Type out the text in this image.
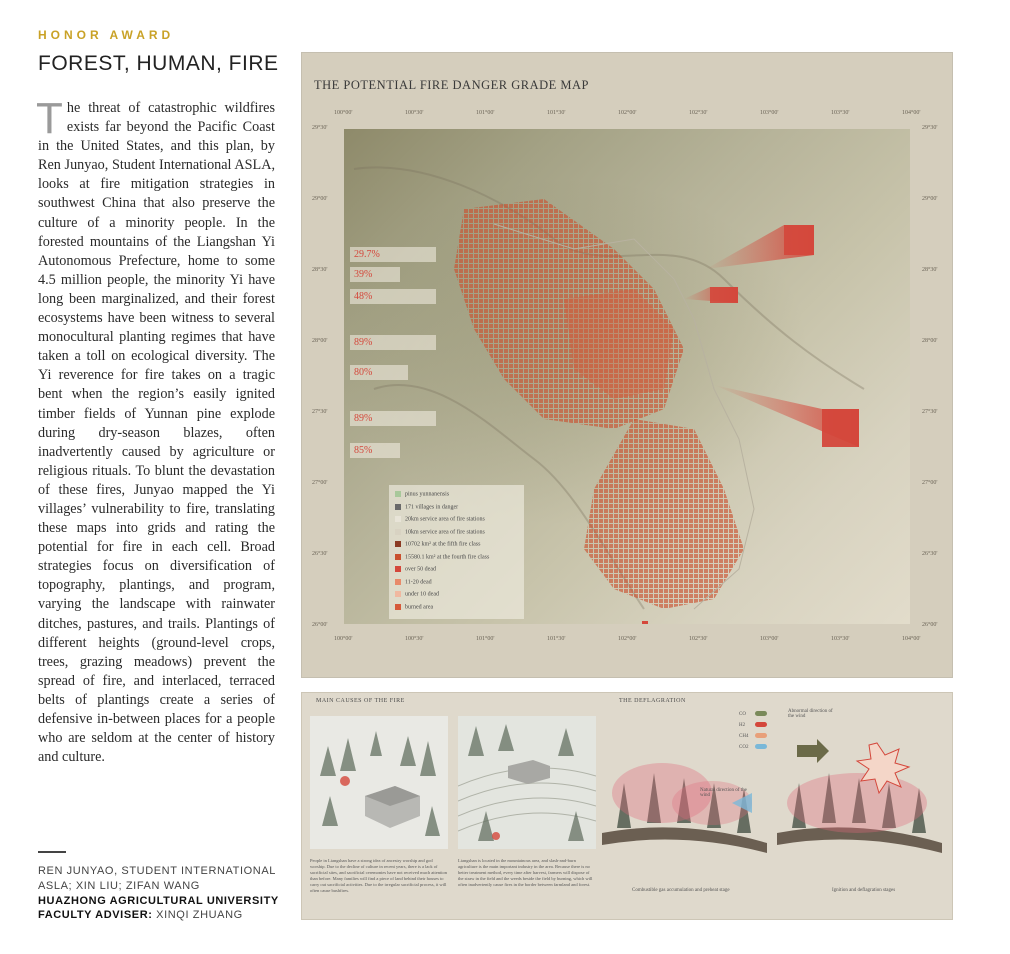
HONOR AWARD
FOREST, HUMAN, FIRE

The threat of catastrophic wildfires exists far beyond the Pacific Coast in the United States, and this plan, by Ren Junyao, Student International ASLA, looks at fire mitigation strategies in southwest China that also preserve the culture of a minority people. In the forested mountains of the Liangshan Yi Autonomous Prefecture, home to some 4.5 million people, the minority Yi have long been marginalized, and their forest ecosystems have been witness to several monocultural planting regimes that have taken a toll on ecological diversity. The Yi reverence for fire takes on a tragic bent when the region’s easily ignited timber fields of Yunnan pine explode during dry-season blazes, often inadvertently caused by agriculture or religious rituals. To blunt the devastation of these fires, Junyao mapped the Yi villages’ vulnerability to fire, translating these maps into grids and rating the potential for fire in each cell. Broad strategies focus on diversification of topography, plantings, and program, varying the landscape with rainwater ditches, pastures, and trails. Plantings of different heights (ground-level crops, trees, grazing meadows) prevent the spread of fire, and interlaced, terraced belts of plantings create a series of defensive in-between places for a people who are seldom at the center of history and culture.

REN JUNYAO, STUDENT INTERNATIONAL
ASLA; XIN LIU; ZIFAN WANG
HUAZHONG AGRICULTURAL UNIVERSITY
FACULTY ADVISER: XINQI ZHUANG
THE POTENTIAL FIRE DANGER GRADE MAP
100°00'	100°30'	101°00'	101°30'	102°00'	102°30'	103°00'	103°30'	104°00'
100°00'	100°30'	101°00'	101°30'	102°00'	102°30'	103°00'	103°30'	104°00'
29°30'
29°00'
28°30'
28°00'
27°30'
27°00'
26°30'
26°00'
29°30'
29°00'
28°30'
28°00'
27°30'
27°00'
26°30'
26°00'
29.7%
39%
48%
89%
80%
89%
85%
pinus yunnanensis
171 villages in danger
20km service area of fire stations
10km service area of fire stations
10702 km² at the fifth fire class
15580.1 km² at the fourth fire class
over 50 dead
11-20 dead
under 10 dead
burned area
MAIN CAUSES OF THE FIRE	THE DEFLAGRATION
People in Liangshan have a strong idea of ancestry worship and god worship. Due to the decline of culture in recent years, there is a lack of sacrificial sites, and sacrificial ceremonies have not received much attention than before. Many families will find a piece of land behind their houses to carry out sacrificial activities. Due to the irregular sacrificial process, it will often cause bushfires.
Liangshan is located in the mountainous area, and slash-and-burn agriculture is the main important industry in the area. Because there is no better treatment method, every time after harvest, farmers will dispose of the straw in the field and the weeds beside the field by burning, which will often inadvertently cause fires in the border between farmland and forest.
CO
H2
CH4
CO2
Natural direction of the wind
Abnormal direction of the wind
Combustible gas accumulation and preheat stage	Ignition and deflagration stages
